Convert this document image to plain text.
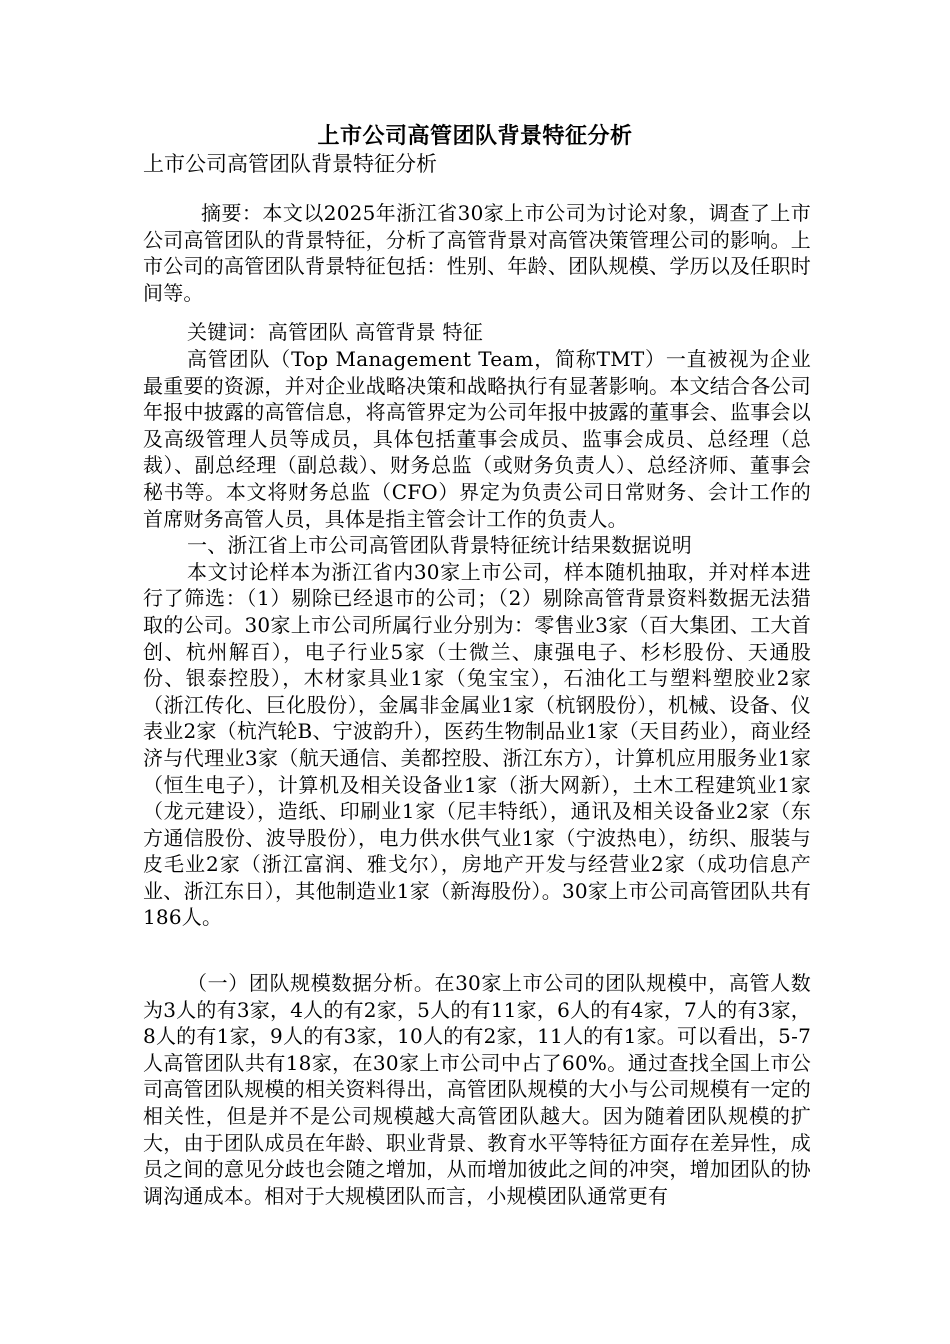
上市公司高管团队背景特征分析
上市公司高管团队背景特征分析
摘要：本文以2025年浙江省30家上市公司为讨论对象，调查了上市公司高管团队的背景特征，分析了高管背景对高管决策管理公司的影响。上市公司的高管团队背景特征包括：性别、年龄、团队规模、学历以及任职时间等。
关键词：高管团队 高管背景 特征

高管团队（Top Management Team，简称TMT）一直被视为企业最重要的资源，并对企业战略决策和战略执行有显著影响。本文结合各公司年报中披露的高管信息，将高管界定为公司年报中披露的董事会、监事会以及高级管理人员等成员，具体包括董事会成员、监事会成员、总经理（总裁）、副总经理（副总裁）、财务总监（或财务负责人）、总经济师、董事会秘书等。本文将财务总监（CFO）界定为负责公司日常财务、会计工作的首席财务高管人员，具体是指主管会计工作的负责人。

一、浙江省上市公司高管团队背景特征统计结果数据说明

本文讨论样本为浙江省内30家上市公司，样本随机抽取，并对样本进行了筛选：（1）剔除已经退市的公司；（2）剔除高管背景资料数据无法猎取的公司。30家上市公司所属行业分别为：零售业3家（百大集团、工大首创、杭州解百），电子行业5家（士微兰、康强电子、杉杉股份、天通股份、银泰控股），木材家具业1家（兔宝宝），石油化工与塑料塑胶业2家（浙江传化、巨化股份），金属非金属业1家（杭钢股份），机械、设备、仪表业2家（杭汽轮B、宁波韵升），医药生物制品业1家（天目药业），商业经济与代理业3家（航天通信、美都控股、浙江东方），计算机应用服务业1家（恒生电子），计算机及相关设备业1家（浙大网新），土木工程建筑业1家（龙元建设），造纸、印刷业1家（尼丰特纸），通讯及相关设备业2家（东方通信股份、波导股份），电力供水供气业1家（宁波热电），纺织、服装与皮毛业2家（浙江富润、雅戈尔），房地产开发与经营业2家（成功信息产业、浙江东日），其他制造业1家（新海股份）。30家上市公司高管团队共有186人。

（一）团队规模数据分析。在30家上市公司的团队规模中，高管人数为3人的有3家，4人的有2家，5人的有11家，6人的有4家，7人的有3家，8人的有1家，9人的有3家，10人的有2家，11人的有1家。可以看出，5-7人高管团队共有18家，在30家上市公司中占了60%。通过查找全国上市公司高管团队规模的相关资料得出，高管团队规模的大小与公司规模有一定的相关性，但是并不是公司规模越大高管团队越大。因为随着团队规模的扩大，由于团队成员在年龄、职业背景、教育水平等特征方面存在差异性，成员之间的意见分歧也会随之增加，从而增加彼此之间的冲突，增加团队的协调沟通成本。相对于大规模团队而言，小规模团队通常更有
